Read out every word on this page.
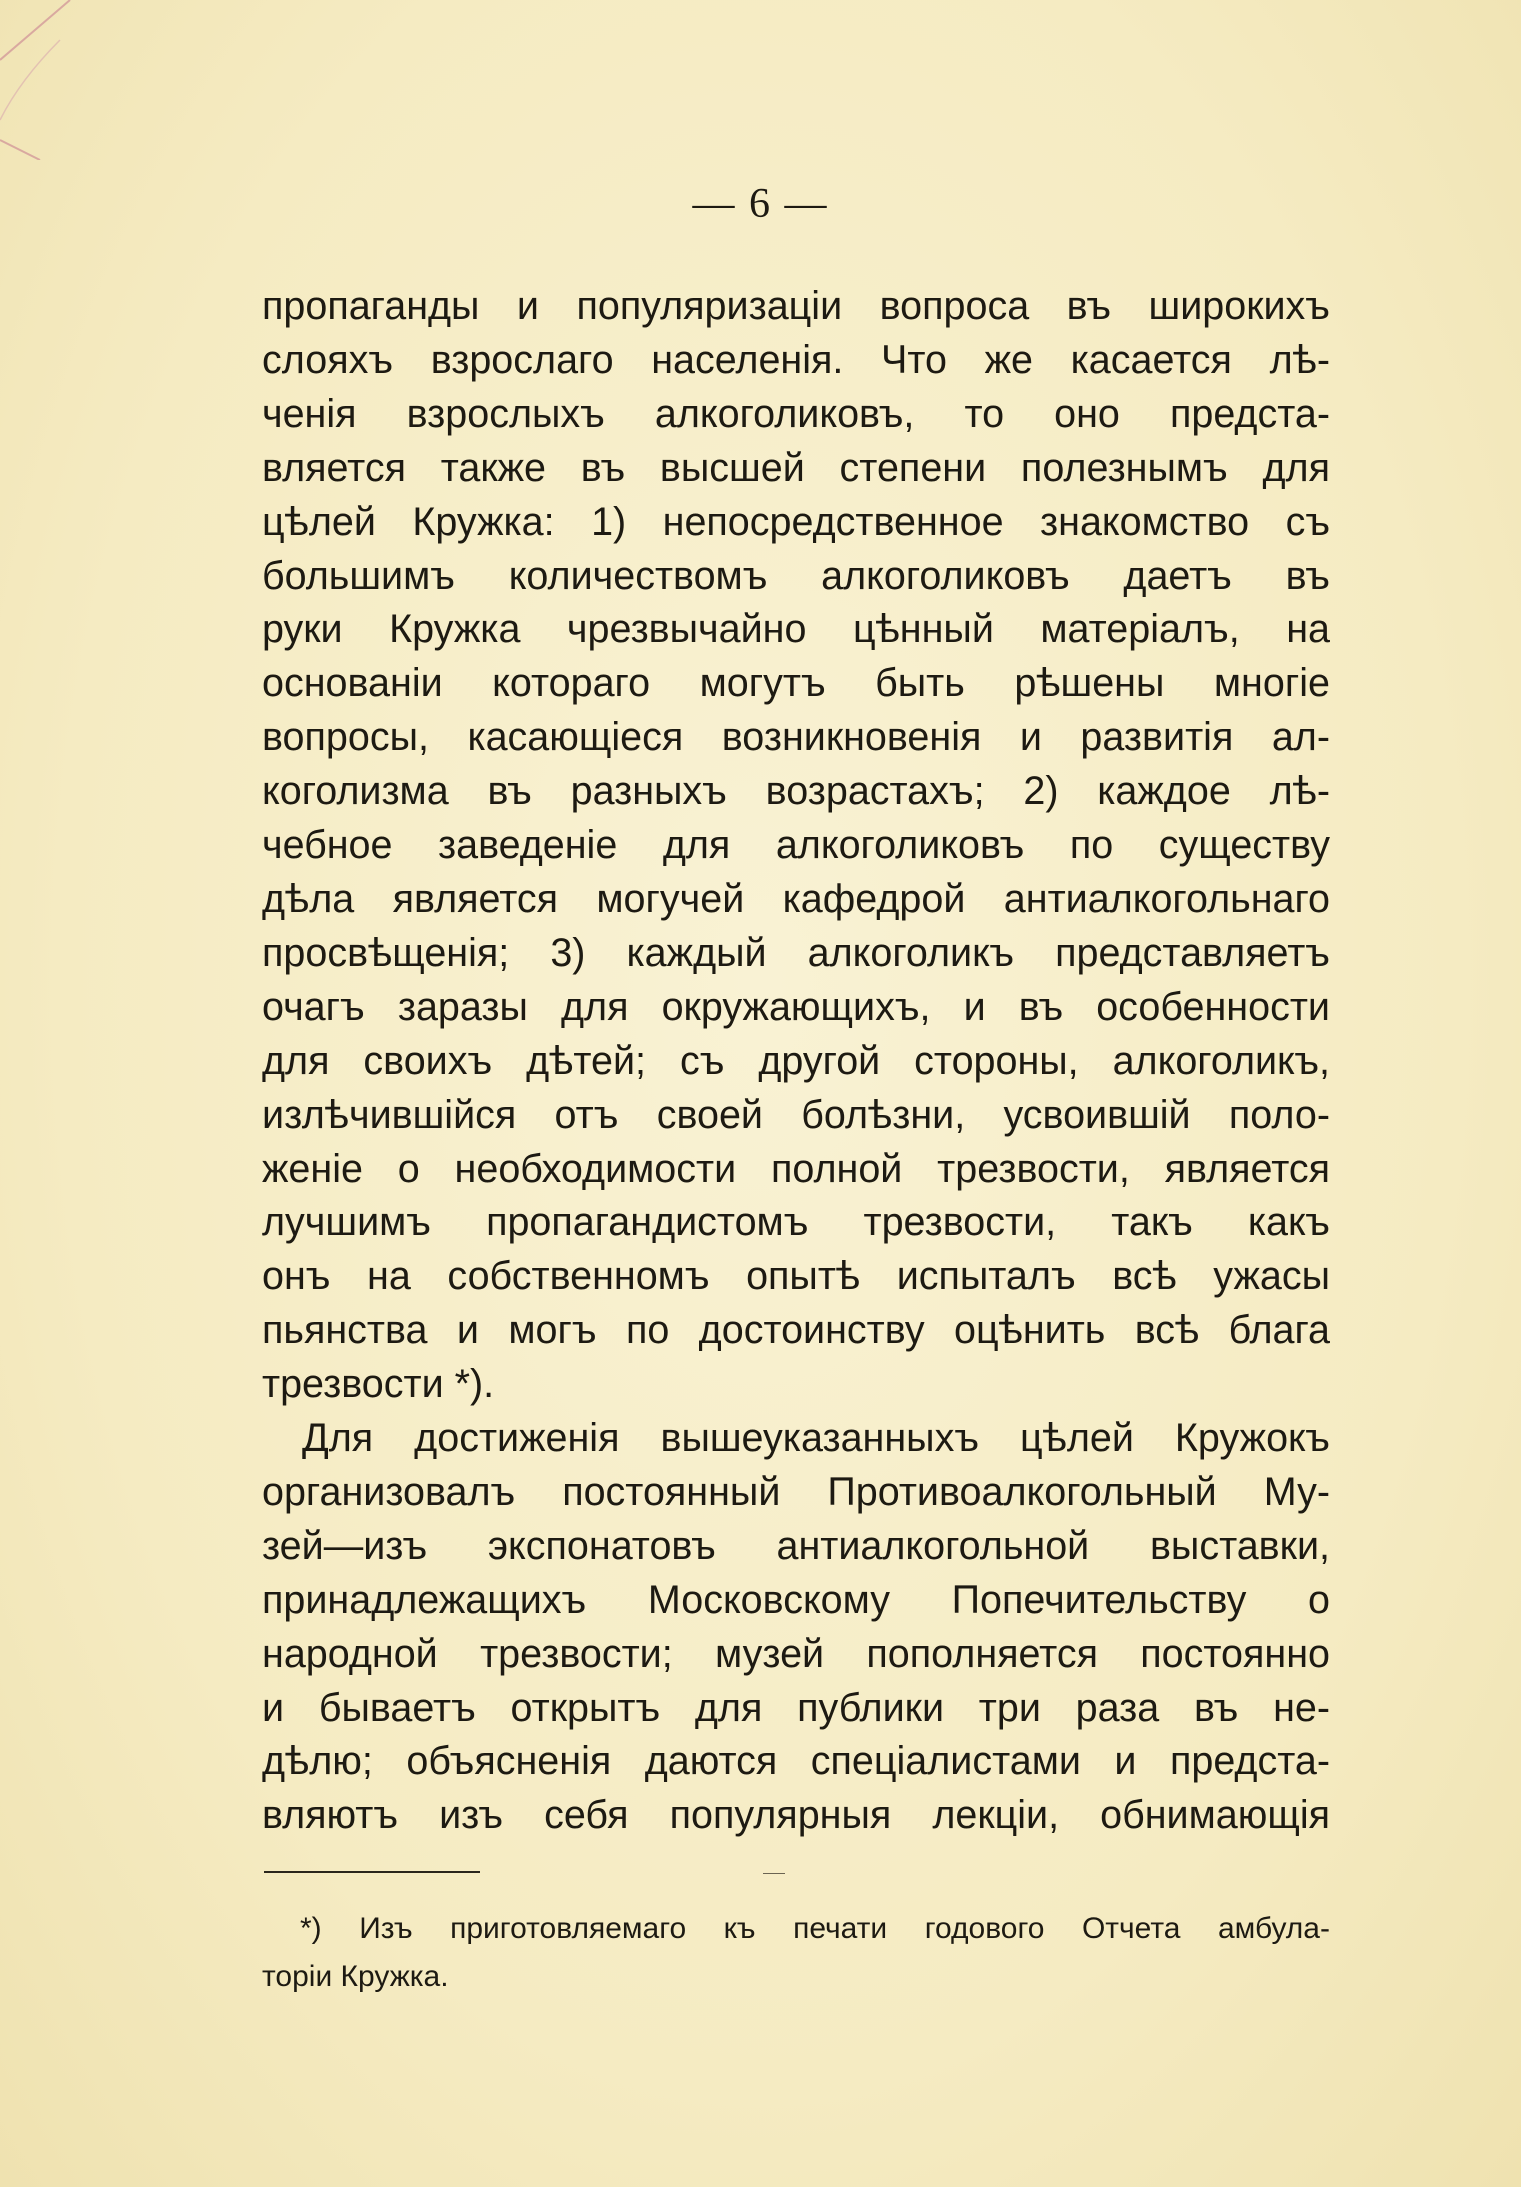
— 6 —
пропаганды и популяризаціи вопроса въ широкихъ
слояхъ взрослаго населенія. Что же касается лѣ-
ченія взрослыхъ алкоголиковъ, то оно предста-
вляется также въ высшей степени полезнымъ для
цѣлей Кружка: 1) непосредственное знакомство съ
большимъ количествомъ алкоголиковъ даетъ въ
руки Кружка чрезвычайно цѣнный матеріалъ, на
основаніи котораго могутъ быть рѣшены многіе
вопросы, касающіеся возникновенія и развитія ал-
коголизма въ разныхъ возрастахъ; 2) каждое лѣ-
чебное заведеніе для алкоголиковъ по существу
дѣла является могучей кафедрой антиалкогольнаго
просвѣщенія; 3) каждый алкоголикъ представляетъ
очагъ заразы для окружающихъ, и въ особенности
для своихъ дѣтей; съ другой стороны, алкоголикъ,
излѣчившійся отъ своей болѣзни, усвоившій поло-
женіе о необходимости полной трезвости, является
лучшимъ пропагандистомъ трезвости, такъ какъ
онъ на собственномъ опытѣ испыталъ всѣ ужасы
пьянства и могъ по достоинству оцѣнить всѣ блага
трезвости *).
Для достиженія вышеуказанныхъ цѣлей Кружокъ
организовалъ постоянный Противоалкогольный Му-
зей—изъ экспонатовъ антиалкогольной выставки,
принадлежащихъ Московскому Попечительству о
народной трезвости; музей пополняется постоянно
и бываетъ открытъ для публики три раза въ не-
дѣлю; объясненія даются спеціалистами и предста-
вляютъ изъ себя популярныя лекціи, обнимающія
*) Изъ приготовляемаго къ печати годового Отчета амбула-
торіи Кружка.
